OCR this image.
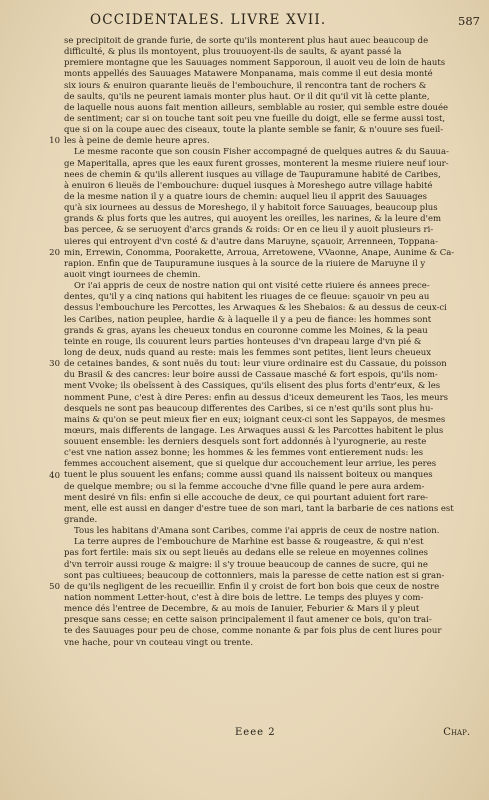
OCCIDENTALES. LIVRE XVII.	587
se precipitoit de grande furie, de sorte qu'ils monterent plus haut auec beaucoup de
difficulté, & plus ils montoyent, plus trouuoyent-ils de saults, & ayant passé la
premiere montagne que les Sauuages nomment Sapporoun, il auoit veu de loin de hauts
monts appellés des Sauuages Matawere Monpanama, mais comme il eut desia monté
six iours & enuiron quarante lieuës de l'embouchure, il rencontra tant de rochers &
de saults, qu'ils ne peurent iamais monter plus haut. Or il dit qu'il vit là cette plante,
de laquelle nous auons fait mention ailleurs, semblable au rosier, qui semble estre douée
de sentiment; car si on touche tant soit peu vne fueille du doigt, elle se ferme aussi tost,
que si on la coupe auec des ciseaux, toute la plante semble se fanir, & n'ouure ses fueil-
les à peine de demie heure apres.
Le mesme raconte que son cousin Fisher accompagné de quelques autres & du Sauua-
ge Maperitalla, apres que les eaux furent grosses, monterent la mesme riuiere neuf iour-
nees de chemin & qu'ils allerent iusques au village de Taupuramune habité de Caribes,
à enuiron 6 lieuës de l'embouchure: duquel iusques à Moreshego autre village habité
de la mesme nation il y a quatre iours de chemin: auquel lieu il apprit des Sauuages
qu'à six iournees au dessus de Moreshego, il y habitoit force Sauuages, beaucoup plus
grands & plus forts que les autres, qui auoyent les oreilles, les narines, & la leure d'em
bas percee, & se seruoyent d'arcs grands & roids: Or en ce lieu il y auoit plusieurs ri-
uieres qui entroyent d'vn costé & d'autre dans Maruyne, sçauoir, Arrenneen, Toppana-
min, Errewin, Conomma, Poorakette, Arroua, Arretowene, VVaonne, Anape, Aunime & Ca-
rapion. Enfin que de Taupuramune iusques à la source de la riuiere de Maruyne il y
auoit vingt iournees de chemin.
Or i'ai appris de ceux de nostre nation qui ont visité cette riuiere és annees prece-
dentes, qu'il y a cinq nations qui habitent les riuages de ce fleuue: sçauoir vn peu au
dessus l'embouchure les Percottes, les Arwaques & les Shebaios: & au dessus de ceux-ci
les Caribes, nation peuplee, hardie & à laquelle il y a peu de fiance: les hommes sont
grands & gras, ayans les cheueux tondus en couronne comme les Moines, & la peau
teinte en rouge, ils couurent leurs parties honteuses d'vn drapeau large d'vn pié &
long de deux, nuds quand au reste: mais les femmes sont petites, lient leurs cheueux
de cetaines bandes, & sont nuës du tout: leur viure ordinaire est du Cassaue, du poisson
du Brasil & des cancres: leur boire aussi de Cassaue masché & fort espois, qu'ils nom-
ment Vvoke; ils obeïssent à des Cassiques, qu'ils elisent des plus forts d'entr'eux, & les
nomment Pune, c'est à dire Peres: enfin au dessus d'iceux demeurent les Taos, les meurs
desquels ne sont pas beaucoup differentes des Caribes, si ce n'est qu'ils sont plus hu-
mains & qu'on se peut mieux fier en eux; ioignant ceux-ci sont les Sappayos, de mesmes
mœurs, mais differents de langage. Les Arwaques aussi & les Parcottes habitent le plus
souuent ensemble: les derniers desquels sont fort addonnés à l'yurognerie, au reste
c'est vne nation assez bonne; les hommes & les femmes vont entierement nuds: les
femmes accouchent aisement, que si quelque dur accouchement leur arriue, les peres
tuent le plus souuent les enfans; comme aussi quand ils naissent boiteux ou manques
de quelque membre; ou si la femme accouche d'vne fille quand le pere aura ardem-
ment desiré vn fils: enfin si elle accouche de deux, ce qui pourtant aduient fort rare-
ment, elle est aussi en danger d'estre tuee de son mari, tant la barbarie de ces nations est
grande.
Tous les habitans d'Amana sont Caribes, comme i'ai appris de ceux de nostre nation.
La terre aupres de l'embouchure de Marhine est basse & rougeastre, & qui n'est
pas fort fertile: mais six ou sept lieuës au dedans elle se releue en moyennes colines
d'vn terroir aussi rouge & maigre: il s'y trouue beaucoup de cannes de sucre, qui ne
sont pas cultiuees; beaucoup de cottonniers, mais la paresse de cette nation est si gran-
de qu'ils negligent de les recueillir. Enfin il y croist de fort bon bois que ceux de nostre
nation nomment Letter-hout, c'est à dire bois de lettre. Le temps des pluyes y com-
mence dés l'entree de Decembre, & au mois de Ianuier, Feburier & Mars il y pleut
presque sans cesse; en cette saison principalement il faut amener ce bois, qu'on trai-
te des Sauuages pour peu de chose, comme nonante & par fois plus de cent liures pour
vne hache, pour vn couteau vingt ou trente.
10
20
30
40
50
Eeee 2	Chap.
